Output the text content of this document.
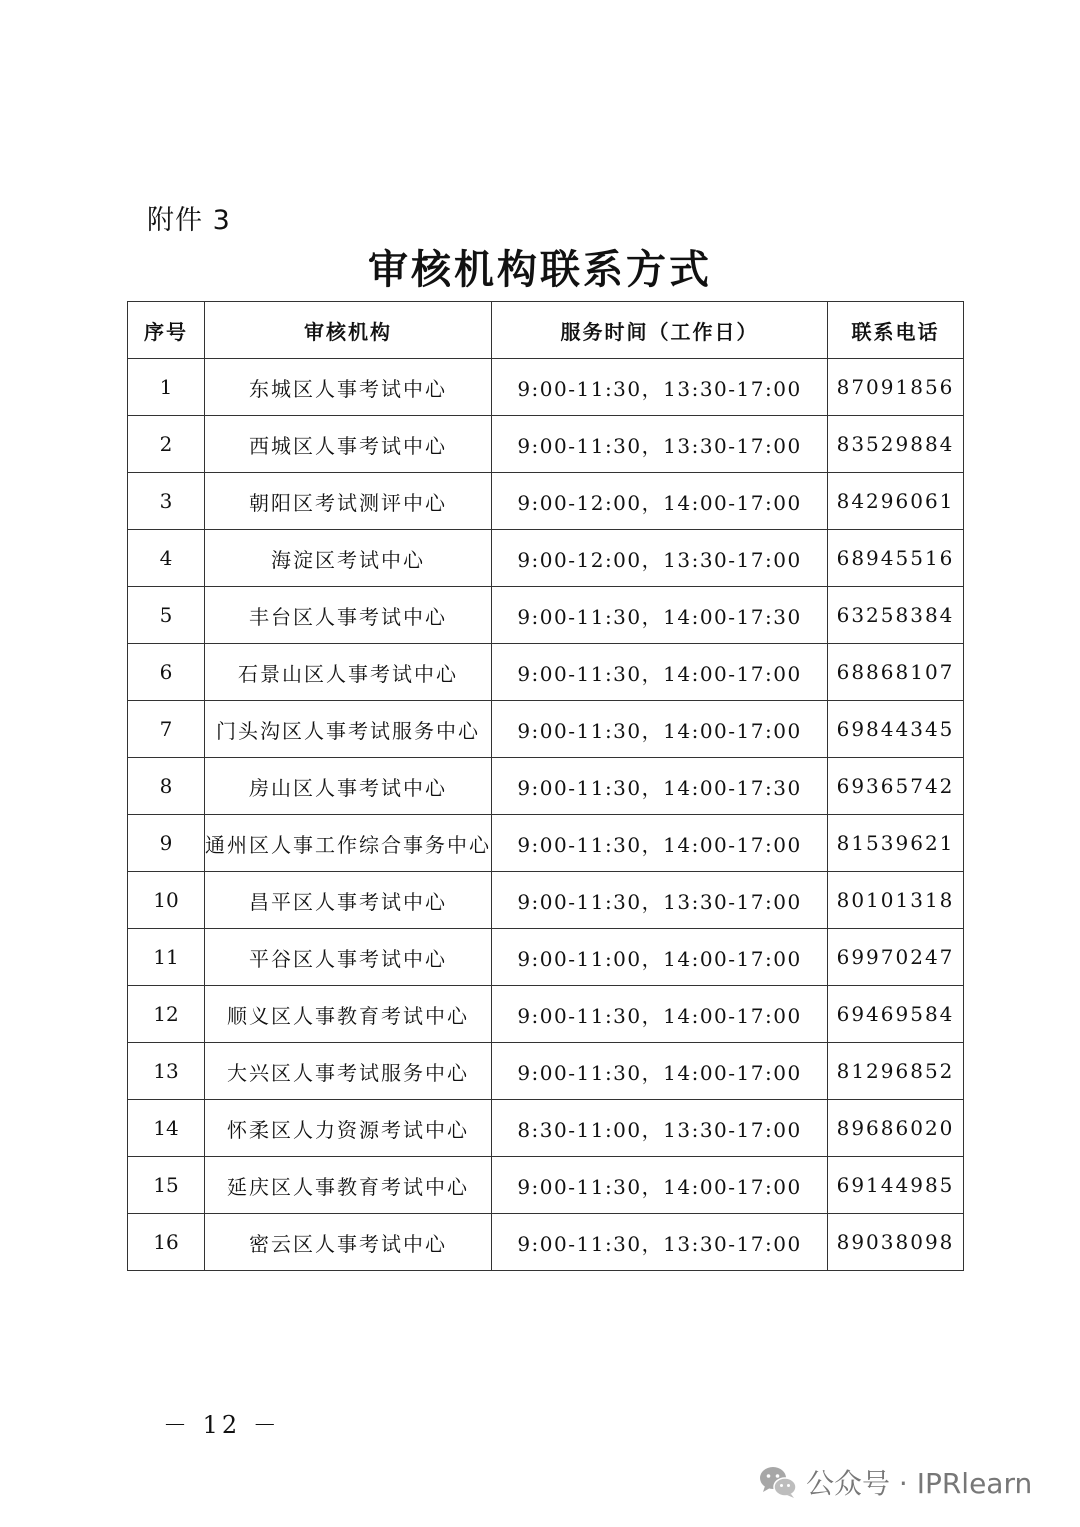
附件 3
审核机构联系方式
序号	审核机构	服务时间（工作日）	联系电话
1	东城区人事考试中心	9:00-11:30，13:30-17:00	87091856
2	西城区人事考试中心	9:00-11:30，13:30-17:00	83529884
3	朝阳区考试测评中心	9:00-12:00，14:00-17:00	84296061
4	海淀区考试中心	9:00-12:00，13:30-17:00	68945516
5	丰台区人事考试中心	9:00-11:30，14:00-17:30	63258384
6	石景山区人事考试中心	9:00-11:30，14:00-17:00	68868107
7	门头沟区人事考试服务中心	9:00-11:30，14:00-17:00	69844345
8	房山区人事考试中心	9:00-11:30，14:00-17:30	69365742
9	通州区人事工作综合事务中心	9:00-11:30，14:00-17:00	81539621
10	昌平区人事考试中心	9:00-11:30，13:30-17:00	80101318
11	平谷区人事考试中心	9:00-11:00，14:00-17:00	69970247
12	顺义区人事教育考试中心	9:00-11:30，14:00-17:00	69469584
13	大兴区人事考试服务中心	9:00-11:30，14:00-17:00	81296852
14	怀柔区人力资源考试中心	8:30-11:00，13:30-17:00	89686020
15	延庆区人事教育考试中心	9:00-11:30，14:00-17:00	69144985
16	密云区人事考试中心	9:00-11:30，13:30-17:00	89038098
－ 12 －
公众号 · IPRlearn
